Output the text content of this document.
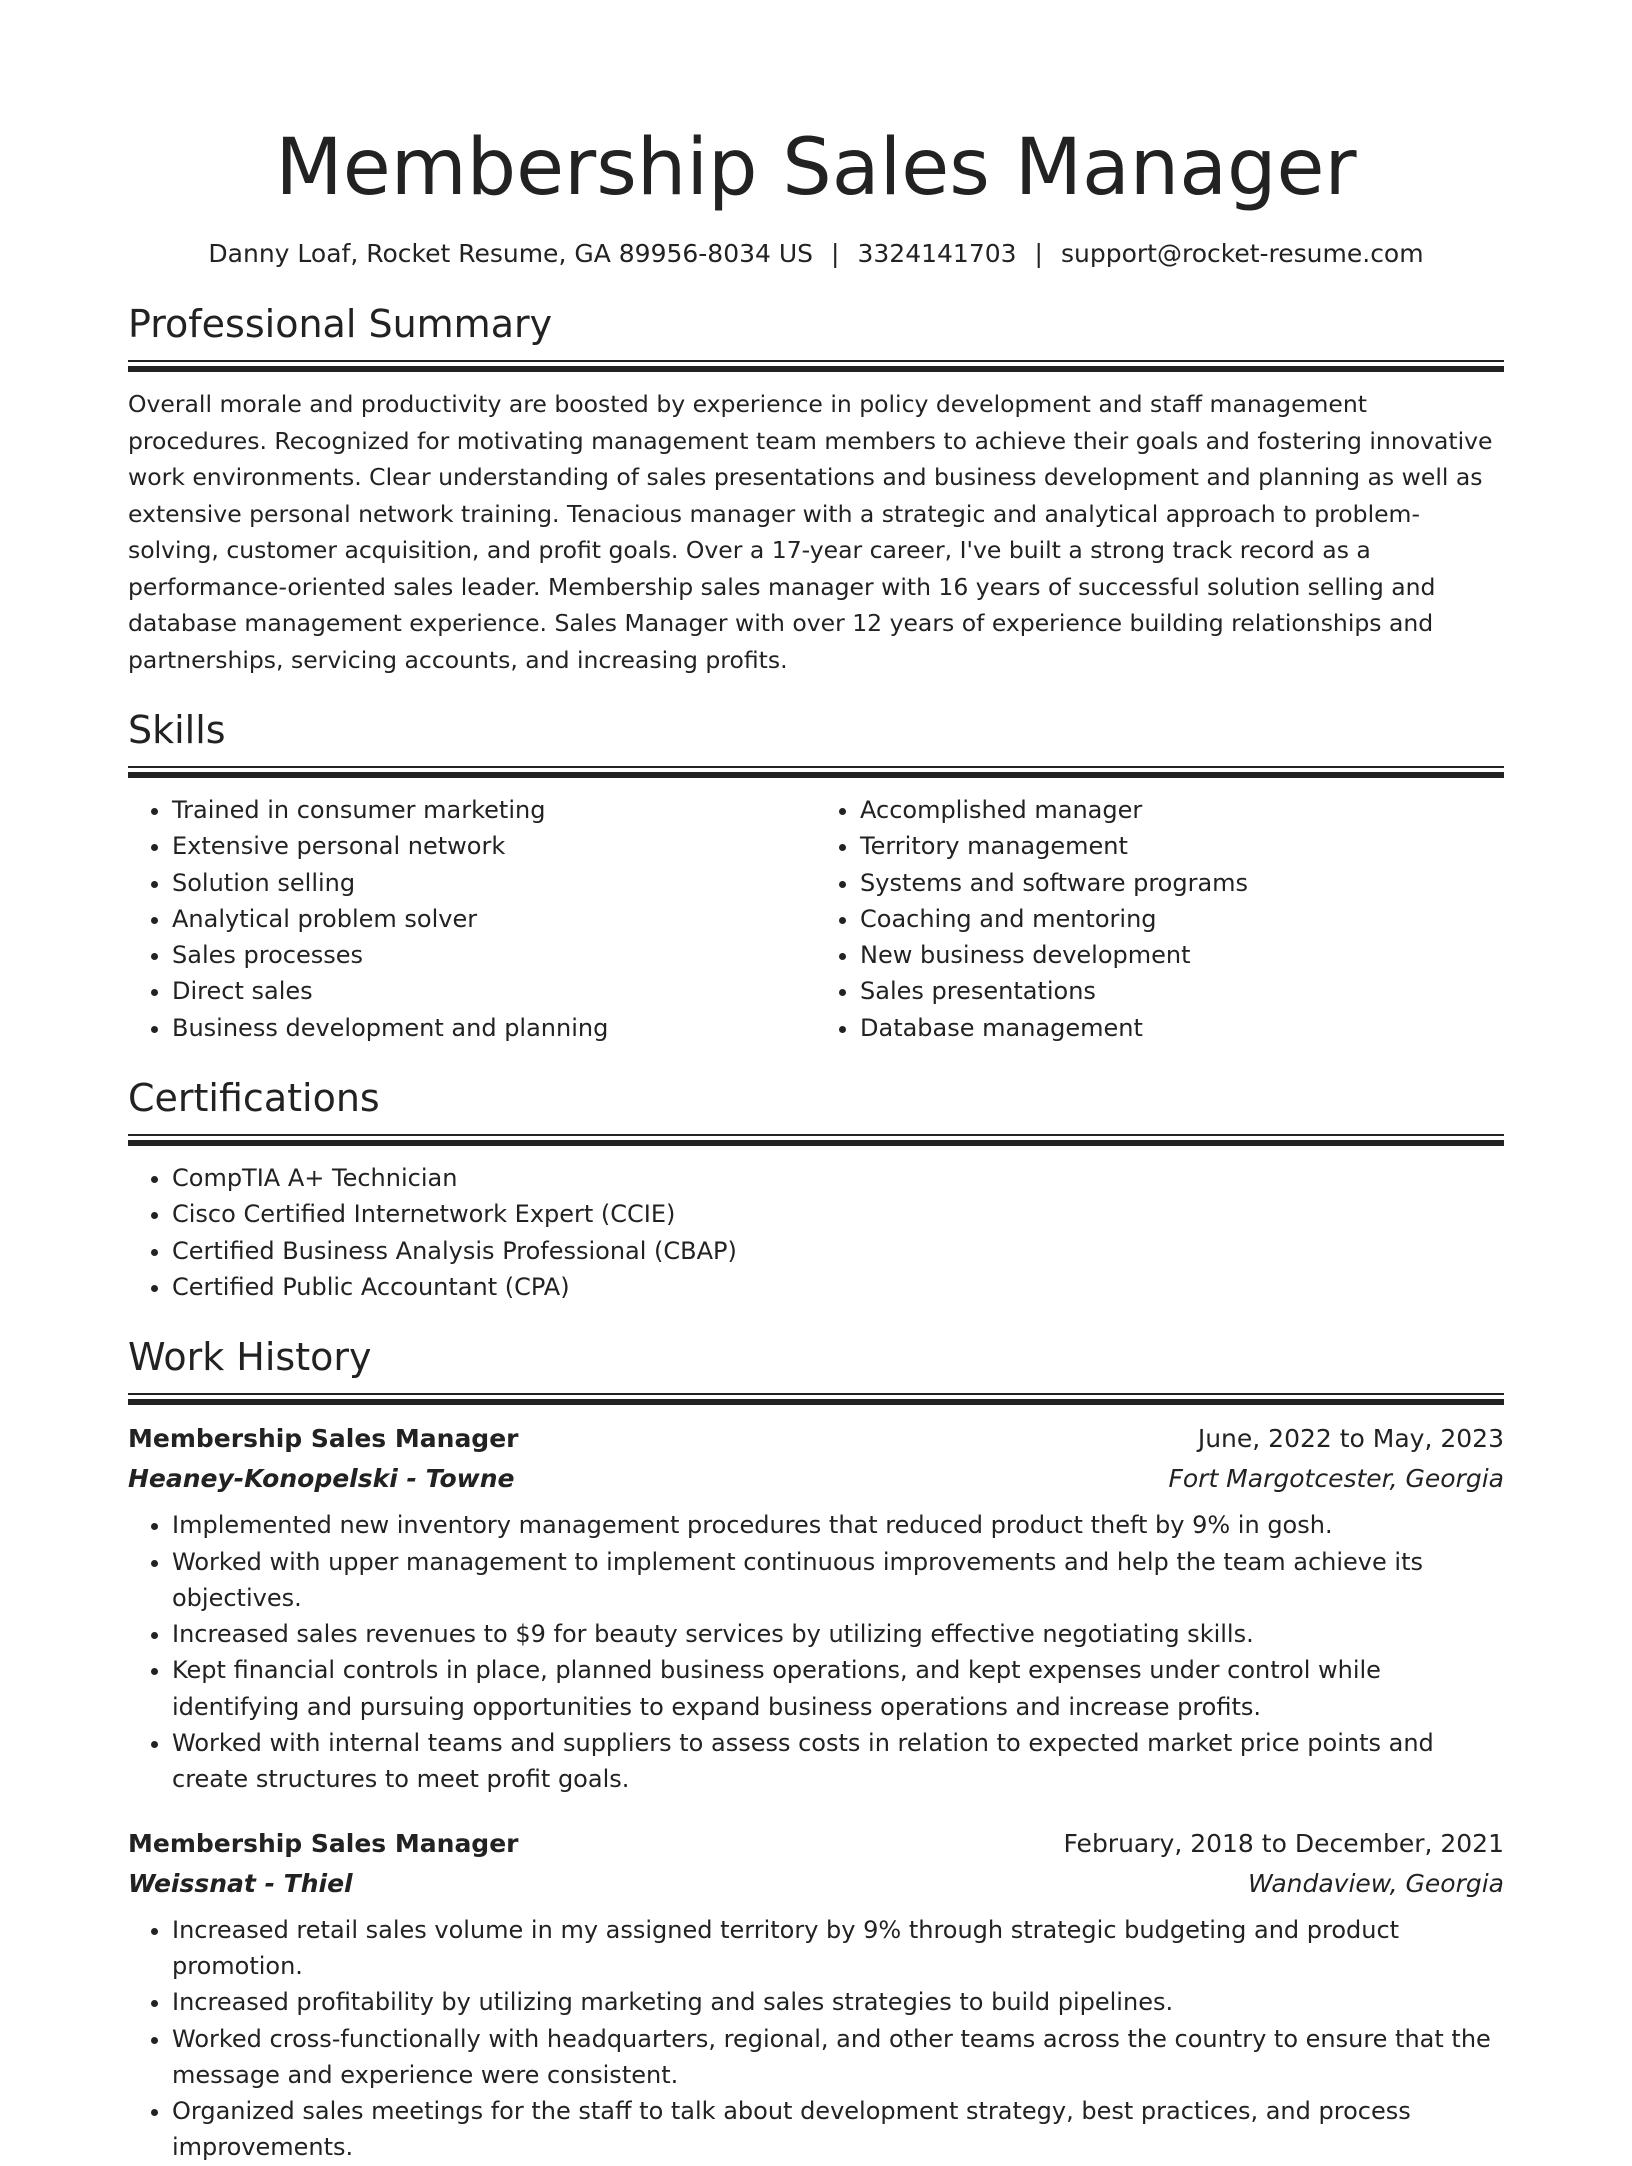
Membership Sales Manager
Danny Loaf, Rocket Resume, GA 89956-8034 US | 3324141703 | support@rocket-resume.com
Professional Summary

Overall morale and productivity are boosted by experience in policy development and staff management procedures. Recognized for motivating management team members to achieve their goals and fostering innovative work environments. Clear understanding of sales presentations and business development and planning as well as extensive personal network training. Tenacious manager with a strategic and analytical approach to problem-solving, customer acquisition, and profit goals. Over a 17-year career, I've built a strong track record as a performance-oriented sales leader. Membership sales manager with 16 years of successful solution selling and database management experience. Sales Manager with over 12 years of experience building relationships and partnerships, servicing accounts, and increasing profits.

Skills
• Trained in consumer marketing
• Extensive personal network
• Solution selling
• Analytical problem solver
• Sales processes
• Direct sales
• Business development and planning
• Accomplished manager
• Territory management
• Systems and software programs
• Coaching and mentoring
• New business development
• Sales presentations
• Database management
Certifications
• CompTIA A+ Technician
• Cisco Certified Internetwork Expert (CCIE)
• Certified Business Analysis Professional (CBAP)
• Certified Public Accountant (CPA)
Work History
Membership Sales Manager	June, 2022 to May, 2023
Heaney-Konopelski - Towne	Fort Margotcester, Georgia
• Implemented new inventory management procedures that reduced product theft by 9% in gosh.
• Worked with upper management to implement continuous improvements and help the team achieve its objectives.
• Increased sales revenues to $9 for beauty services by utilizing effective negotiating skills.
• Kept financial controls in place, planned business operations, and kept expenses under control while identifying and pursuing opportunities to expand business operations and increase profits.
• Worked with internal teams and suppliers to assess costs in relation to expected market price points and create structures to meet profit goals.
Membership Sales Manager	February, 2018 to December, 2021
Weissnat - Thiel	Wandaview, Georgia
• Increased retail sales volume in my assigned territory by 9% through strategic budgeting and product promotion.
• Increased profitability by utilizing marketing and sales strategies to build pipelines.
• Worked cross-functionally with headquarters, regional, and other teams across the country to ensure that the message and experience were consistent.
• Organized sales meetings for the staff to talk about development strategy, best practices, and process improvements.
